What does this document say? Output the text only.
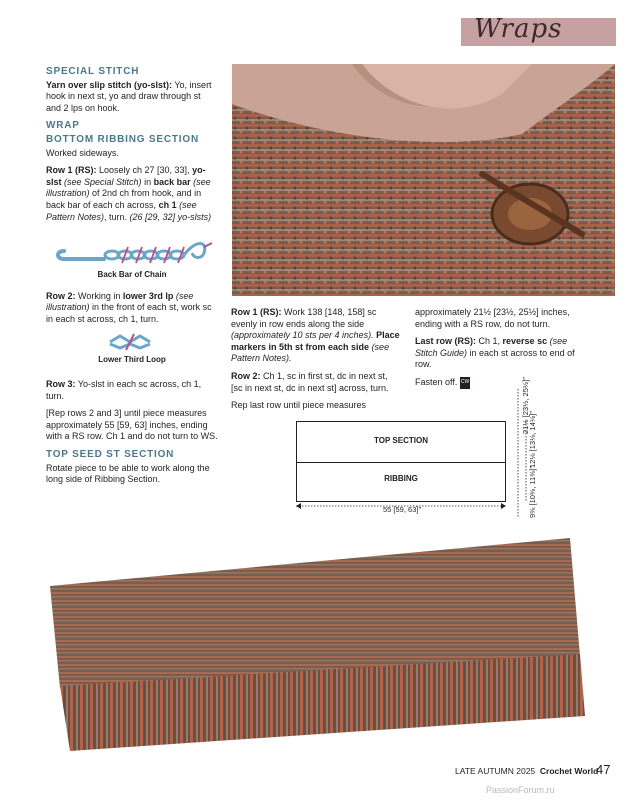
Wraps
SPECIAL STITCH

Yarn over slip stitch (yo-slst): Yo, insert hook in next st, yo and draw through st and 2 lps on hook.

WRAP
BOTTOM RIBBING SECTION

Worked sideways.

Row 1 (RS): Loosely ch 27 [30, 33], yo-slst (see Special Stitch) in back bar (see illustration) of 2nd ch from hook, and in back bar of each ch across, ch 1 (see Pattern Notes), turn. (26 [29, 32] yo-slsts)

Back Bar of Chain

Row 2: Working in lower 3rd lp (see illustration) in the front of each st, work sc in each st across, ch 1, turn.

Lower Third Loop

Row 3: Yo-slst in each sc across, ch 1, turn.

[Rep rows 2 and 3] until piece measures approximately 55 [59, 63] inches, ending with a RS row. Ch 1 and do not turn to WS.

TOP SEED ST SECTION

Rotate piece to be able to work along the long side of Ribbing Section.

Row 1 (RS): Work 138 [148, 158] sc evenly in row ends along the side (approximately 10 sts per 4 inches). Place markers in 5th st from each side (see Pattern Notes).

Row 2: Ch 1, sc in first st, dc in next st, [sc in next st, dc in next st] across, turn.

Rep last row until piece measures

approximately 21½ [23½, 25½] inches, ending with a RS row, do not turn.

Last row (RS): Ch 1, reverse sc (see Stitch Guide) in each st across to end of row.

Fasten off. CW

TOP SECTION
RIBBING
55 [59, 63]"
21½ [23½, 25½]"
12⅛ [13⅛, 14⅛]"
9⅜ [10⅜, 11⅜]"
LATE AUTUMN 2025 Crochet World
47
PassionForum.ru
